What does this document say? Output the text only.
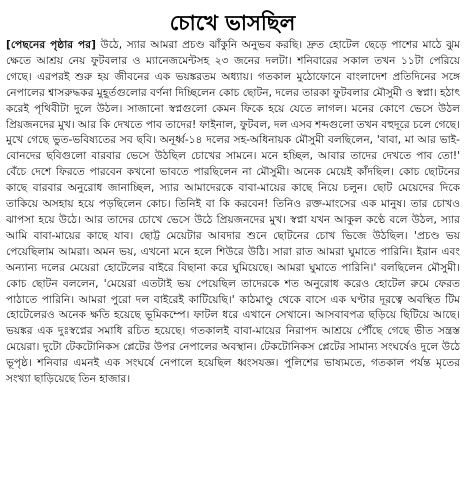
চোখে ভাসছিল

[পেছনের পৃষ্ঠার পর] উঠে, স্যার আমরা প্রচণ্ড ঝাঁকুনি অনুভব করছি। দ্রুত হোটেল ছেড়ে পাশের মাঠে ঝুম ক্ষেতে আশ্রয় নেয় ফুটবলার ও ম্যানেজমেন্টসহ ২৩ জনের দলটা। শনিবারের সকাল তখন ১১টা পেরিয়ে গেছে। এরপরই শুরু হয় জীবনের এক ভয়ঙ্করতম অধ্যায়। গতকাল মুঠোফোনে বাংলাদেশ প্রতিদিনের সঙ্গে নেপালের শ্বাসরুদ্ধকর মুহূর্তগুলোর বর্ণনা দিচ্ছিলেন কোচ ছোটন, দলের তারকা ফুটবলার মৌসুমী ও স্বপ্না। হঠাৎ করেই পৃথিবীটা দুলে উঠল। সাজানো স্বপ্নগুলো কেমন ফিকে হয়ে যেতে লাগল। মনের কোণে ভেসে উঠল প্রিয়জনদের মুখ। আর কি দেখতে পাব তাদের! ফাইনাল, ফুটবল, দল এসব শব্দগুলো তখন বহুদূরে চলে গেছে। মুখে গেছে ভুত-ভবিষ্যতের সব ছবি। অনূর্ধ্ব-১৪ দলের সহ-অধিনায়ক মৌসুমী বলছিলেন, 'বাবা, মা আর ভাই-বোনদের ছবিগুলো বারবার ভেসে উঠছিল চোখের সামনে। মনে হচ্ছিল, আবার তাদের দেখতে পাব তো!' বেঁচে দেশে ফিরতে পারবেন কখনো ভাবতে পারছিলেন না মৌসুমী। অনেক মেয়েই কাঁদছিল। কোচ ছোটনের কাছে বারবার অনুরোধ জানাচ্ছিল, স্যার আমাদেরকে বাবা-মায়ের কাছে নিয়ে চলুন। ছোট মেয়েদের দিকে তাকিয়ে অসহায় হয়ে পড়ছিলেন কোচ। তিনিই বা কি করবেন! তিনিও রক্ত-মাংসের এক মানুষ। তার চোখও ঝাপসা হয়ে উঠে। আর তাদের চোখে ভেসে উঠে প্রিয়জনদের মুখ। স্বপ্না যখন আকুল কণ্ঠে বলে উঠল, স্যার আমি বাবা-মায়ের কাছে যাব। ছোট্ট মেয়েটার আবদার শুনে ছোটনের চোখ ভিজে উঠছিল। 'প্রচণ্ড ভয় পেয়েছিলাম আমরা। অমন ভয়, এখনো মনে হলে শিউরে উঠি। সারা রাত আমরা ঘুমাতে পারিনি। ইরান এবং অন্যান্য দলের মেয়েরা হোটেলের বাইরে বিছানা করে ঘুমিয়েছে। আমরা ঘুমাতে পারিনি।' বলছিলেন মৌসুমী। কোচ ছোটন বললেন, 'মেয়েরা এতটাই ভয় পেয়েছিল তাদেরকে শত অনুরোধ করেও হোটেল রুমে ফেরত পাঠাতে পারিনি। আমরা পুরো দল বাইরেই কাটিয়েছি।' কাঠমাণ্ডু থেকে বাসে এক ঘণ্টার দূরত্বে অবস্থিত টিম হোটেলেরও অনেক ক্ষতি হয়েছে ভূমিকম্পে। ফাটল ধরে এখানে সেখানে। আসবাবপত্র ছড়িয়ে ছিটিয়ে আছে। ভয়ঙ্কর এক দুঃস্বপ্নের সমাধি রচিত হয়েছে। গতকালই বাবা-মায়ের নিরাপদ আশ্রয়ে পৌঁছে গেছে ভীত সন্ত্রস্ত মেয়েরা। দুটো টেকটোনিকস প্লেটের উপর নেপালের অবস্থান। টেকটোনিকস প্লেটের সামান্য সংঘর্ষেও দুলে উঠে ভূপৃষ্ঠ। শনিবার এমনই এক সংঘর্ষে নেপালে হয়েছিল ধ্বংসযজ্ঞ। পুলিশের ভাষ্যমতে, গতকাল পর্যন্ত মৃতের সংখ্যা ছাড়িয়েছে তিন হাজার।
